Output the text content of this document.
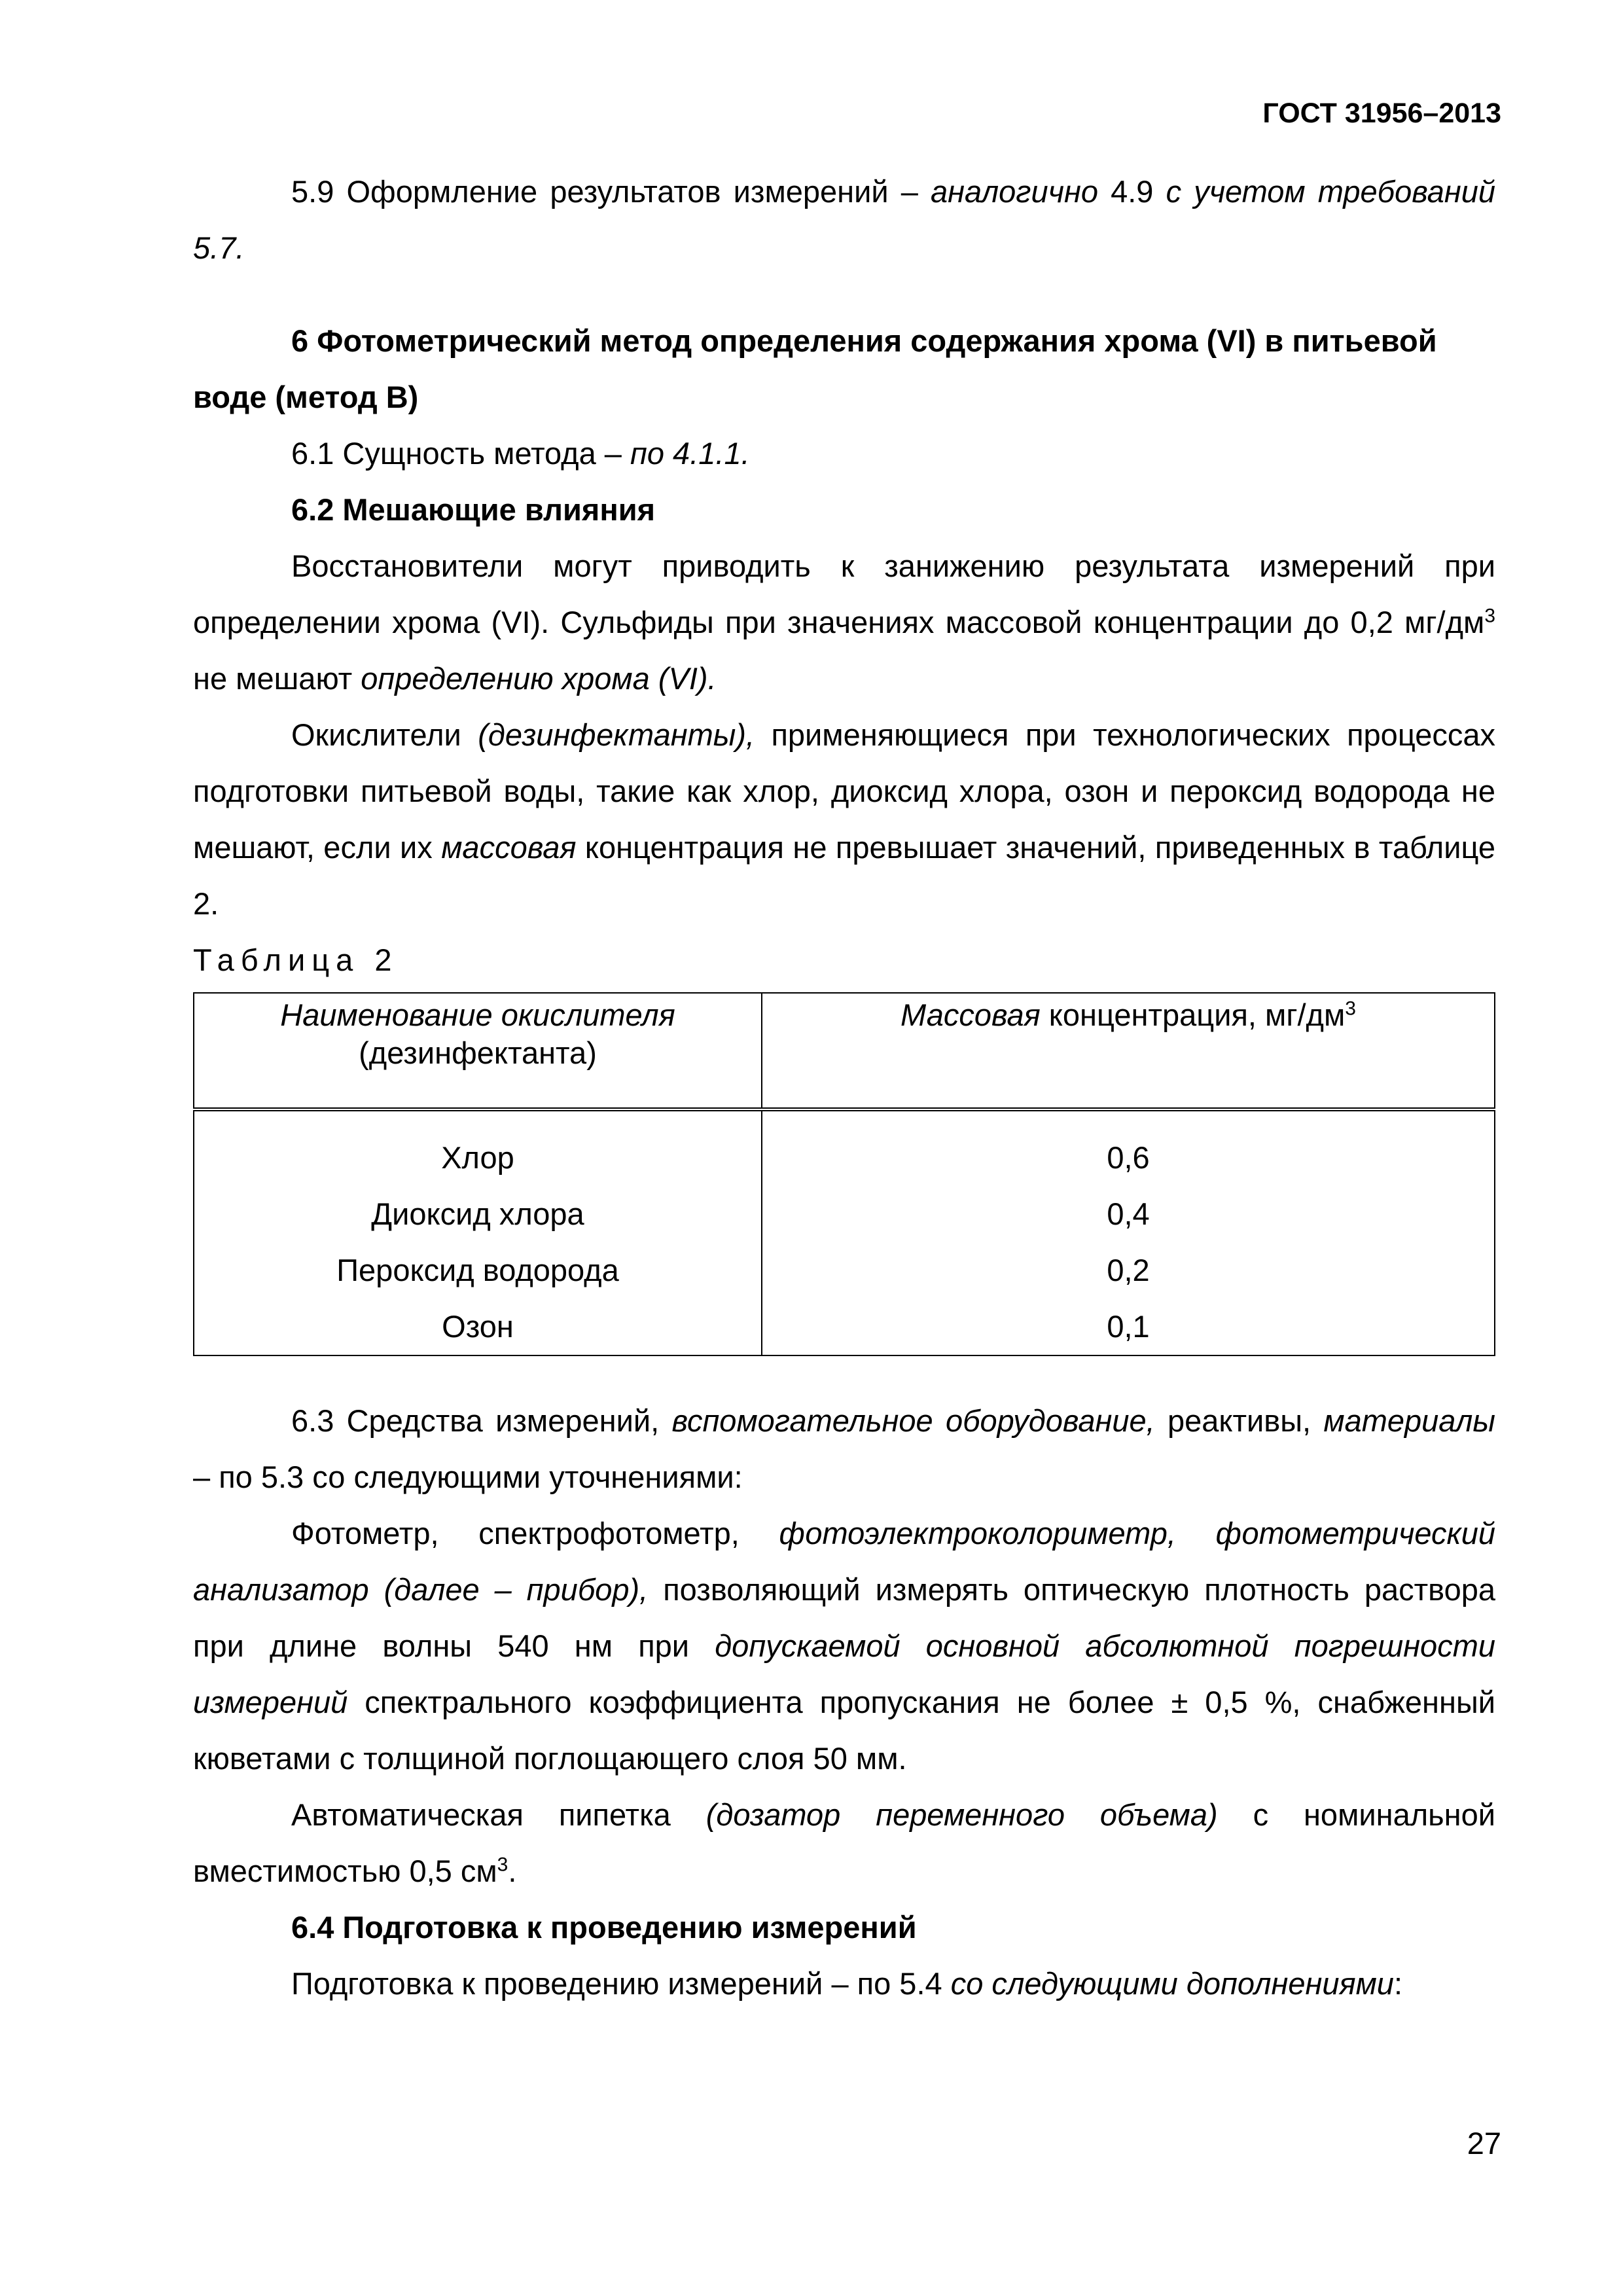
ГОСТ 31956–2013

5.9 Оформление результатов измерений – аналогично 4.9 с учетом требований 5.7.

6 Фотометрический метод определения содержания хрома (VI) в питьевой воде (метод В)

6.1 Сущность метода – по 4.1.1.

6.2 Мешающие влияния

Восстановители могут приводить к занижению результата измерений при определении хрома (VI). Сульфиды при значениях массовой концентрации до 0,2 $мг/дм^3$ не мешают определению хрома (VI).

Окислители (дезинфектанты), применяющиеся при технологических процессах подготовки питьевой воды, такие как хлор, диоксид хлора, озон и пероксид водорода не мешают, если их массовая концентрация не превышает значений, приведенных в таблице 2.

Таблица 2

Наименование окислителя
(дезинфектанта)	Массовая концентрация, $мг/дм^3$
Хлор	0,6
Диоксид хлора	0,4
Пероксид водорода	0,2
Озон	0,1

6.3 Средства измерений, вспомогательное оборудование, реактивы, материалы – по 5.3 со следующими уточнениями:

Фотометр, спектрофотометр, фотоэлектроколориметр, фотометрический анализатор (далее – прибор), позволяющий измерять оптическую плотность раствора при длине волны 540 нм при допускаемой основной абсолютной погрешности измерений спектрального коэффициента пропускания не более ± 0,5 %, снабженный кюветами с толщиной поглощающего слоя 50 мм.

Автоматическая пипетка (дозатор переменного объема) с номинальной вместимостью 0,5 $см^3$.

6.4 Подготовка к проведению измерений

Подготовка к проведению измерений – по 5.4 со следующими дополнениями:

27
